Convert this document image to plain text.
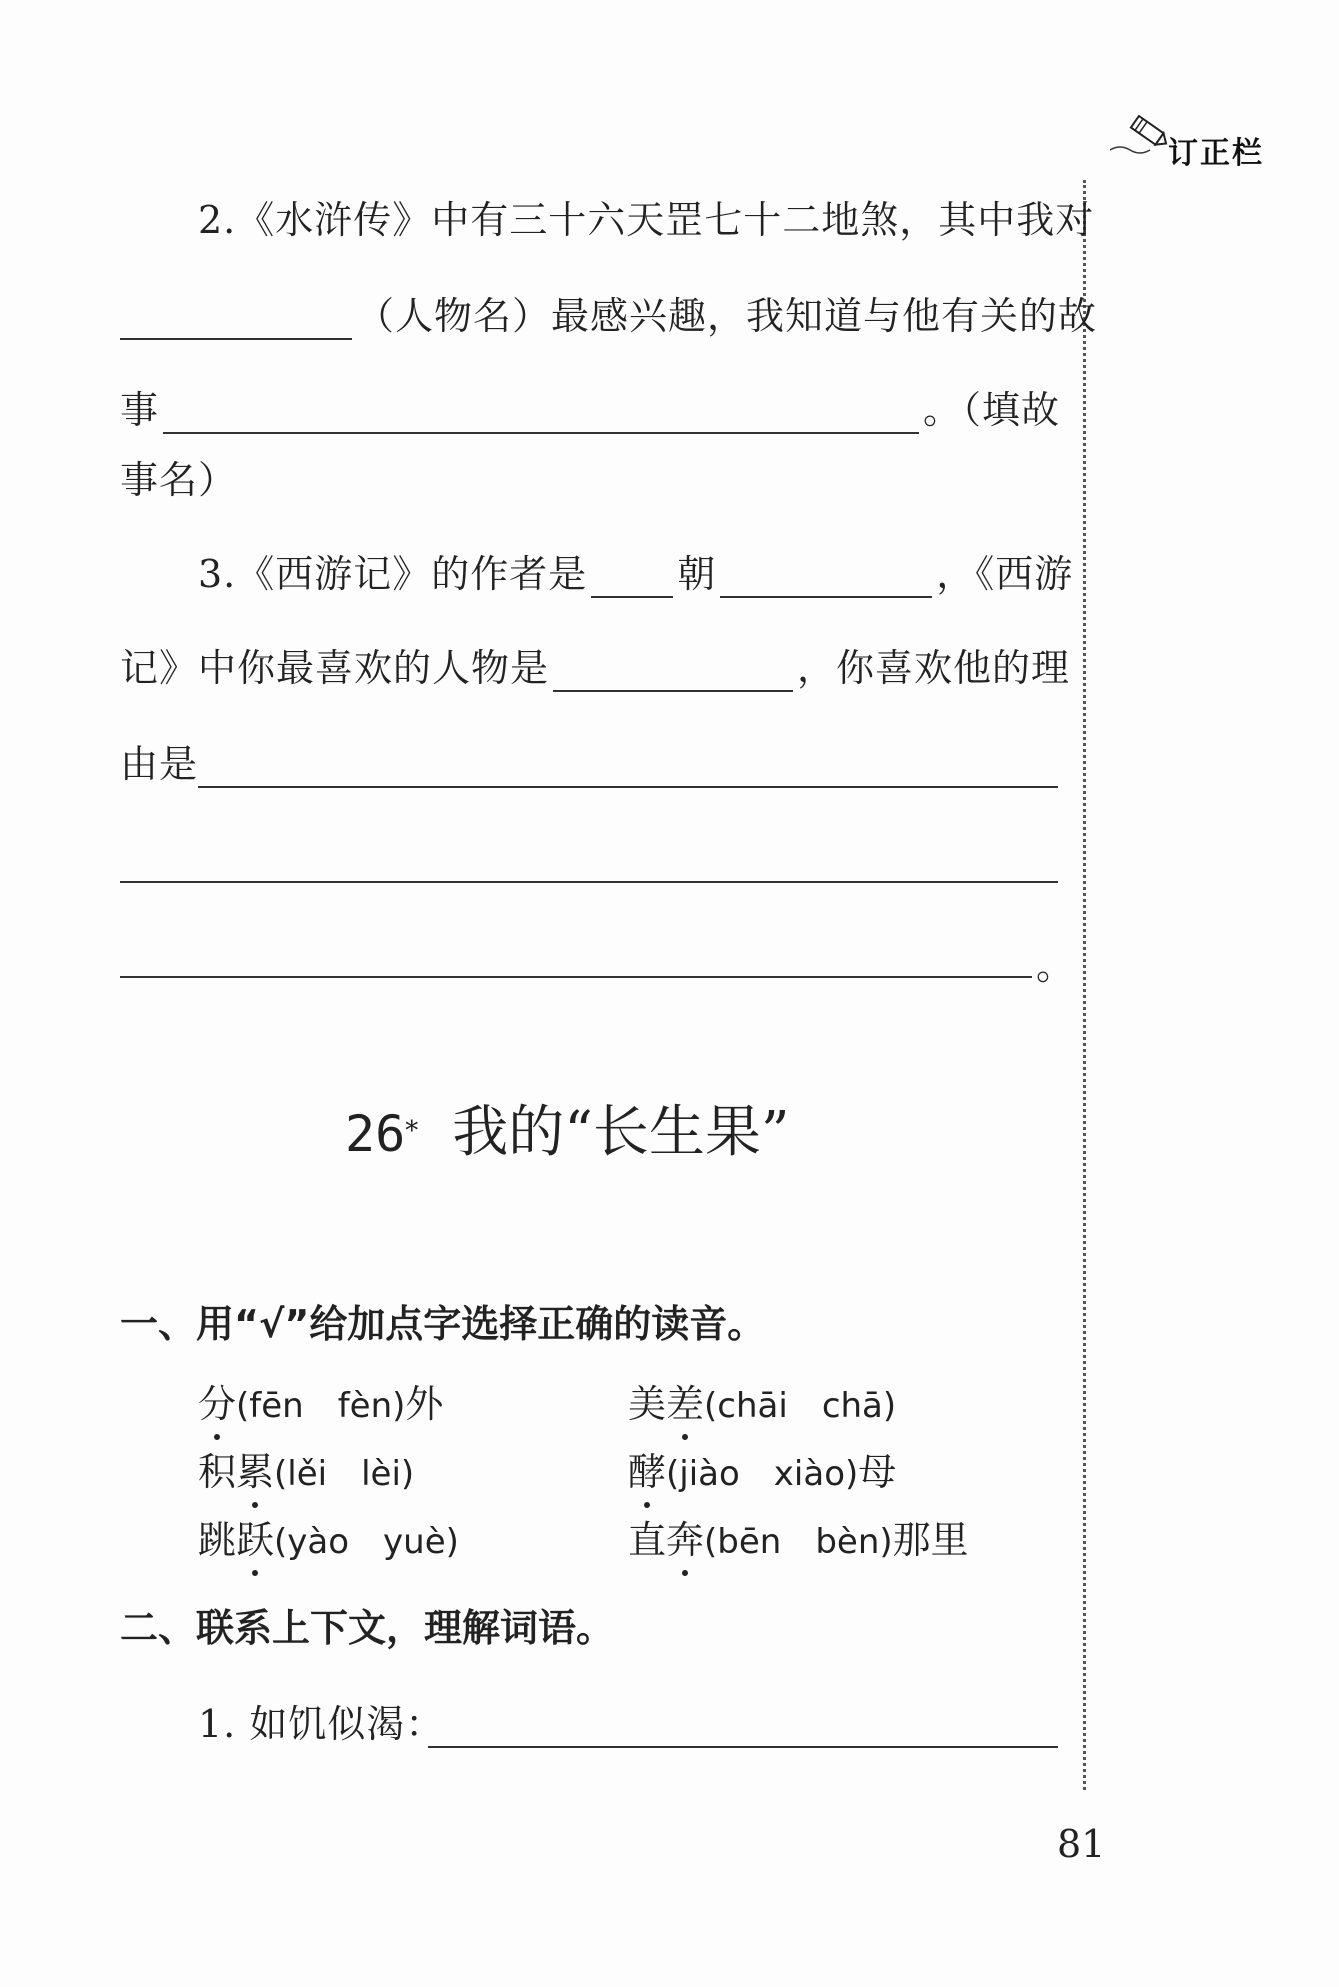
订正栏
2.《水浒传》中有三十六天罡七十二地煞，其中我对
（人物名）最感兴趣，我知道与他有关的故
事	。（填故
事名）
3.《西游记》的作者是 朝	，《西游
记》中你最喜欢的人物是	，你喜欢他的理
由是
。
26* 我的“长生果”
一、用“√”给加点字选择正确的读音。
分(fēn　fèn)外	美差(chāi　chā)
积累(lěi　lèi)	酵(jiào　xiào)母
跳跃(yào　yuè)	直奔(bēn　bèn)那里
二、联系上下文，理解词语。
1. 如饥似渴：
81
